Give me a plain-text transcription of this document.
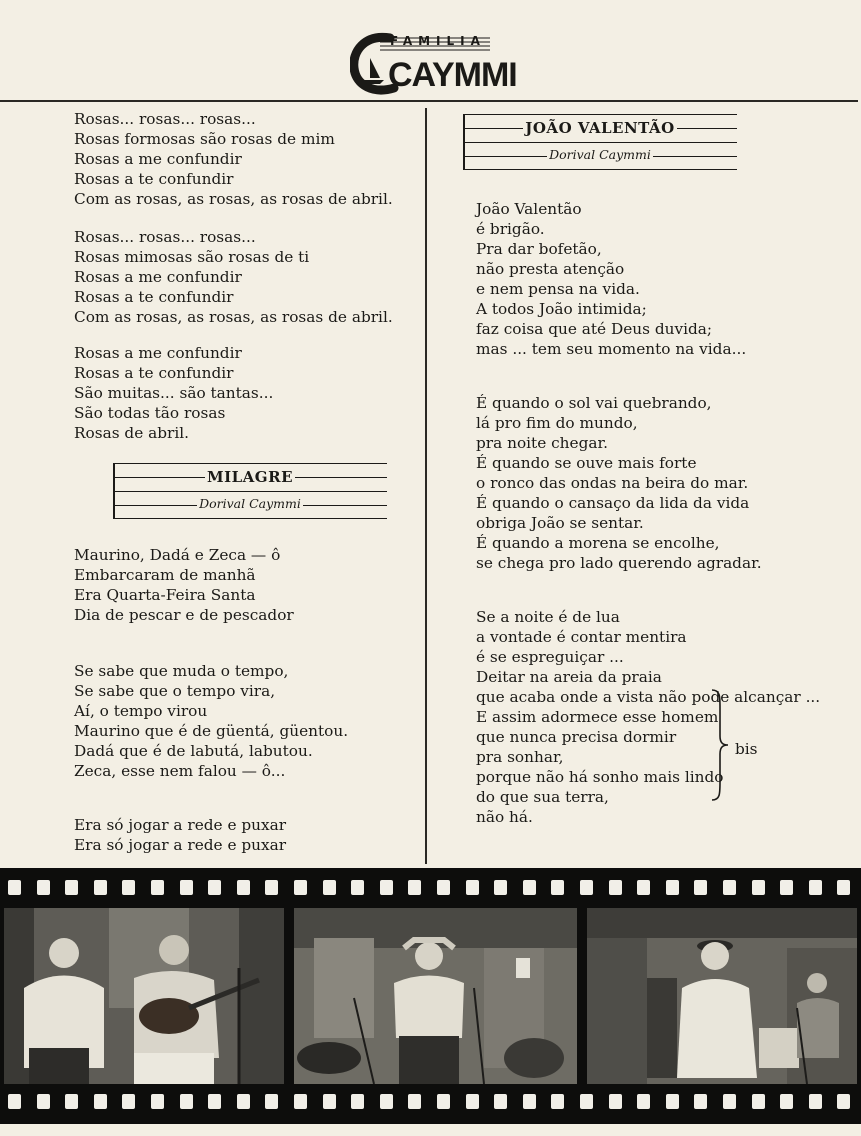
FAMILIA
CAYMMI
Rosas... rosas... rosas...
Rosas formosas são rosas de mim
Rosas a me confundir
Rosas a te confundir
Com as rosas, as rosas, as rosas de abril.
Rosas... rosas... rosas...
Rosas mimosas são rosas de ti
Rosas a me confundir
Rosas a te confundir
Com as rosas, as rosas, as rosas de abril.
Rosas a me confundir
Rosas a te confundir
São muitas... são tantas...
São todas tão rosas
Rosas de abril.
MILAGRE
Dorival Caymmi
Maurino, Dadá e Zeca — ô
Embarcaram de manhã
Era Quarta-Feira Santa
Dia de pescar e de pescador
Se sabe que muda o tempo,
Se sabe que o tempo vira,
Aí, o tempo virou
Maurino que é de güentá, güentou.
Dadá que é de labutá, labutou.
Zeca, esse nem falou — ô...
Era só jogar a rede e puxar
Era só jogar a rede e puxar
JOÃO VALENTÃO
Dorival Caymmi
João Valentão
é brigão.
Pra dar bofetão,
não presta atenção
e nem pensa na vida.
A todos João intimida;
faz coisa que até Deus duvida;
mas ... tem seu momento na vida...
É quando o sol vai quebrando,
lá pro fim do mundo,
pra noite chegar.
É quando se ouve mais forte
o ronco das ondas na beira do mar.
É quando o cansaço da lida da vida
obriga João se sentar.
É quando a morena se encolhe,
se chega pro lado querendo agradar.
Se a noite é de lua
a vontade é contar mentira
é se espreguiçar ...
Deitar na areia da praia
que acaba onde a vista não pode alcançar ...
E assim adormece esse homem
que nunca precisa dormir
pra sonhar,
porque não há sonho mais lindo
do que sua terra,
não há.
bis
